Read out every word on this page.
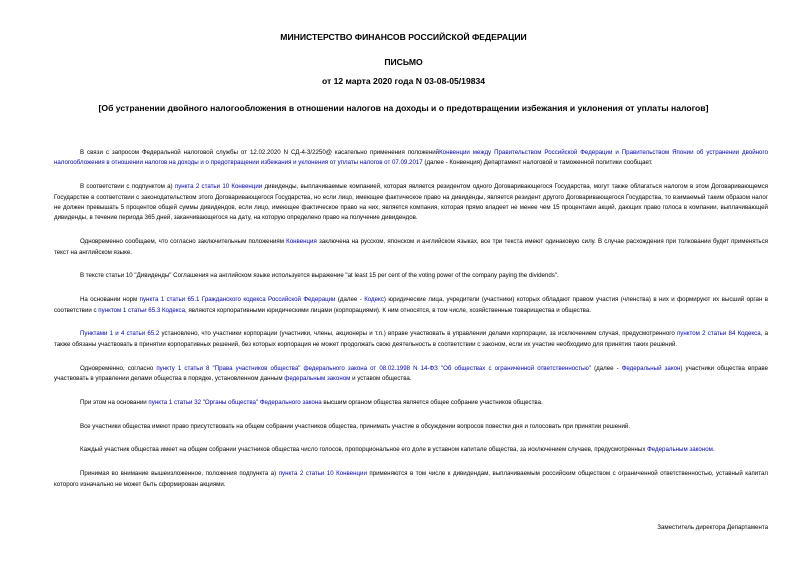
МИНИСТЕРСТВО ФИНАНСОВ РОССИЙСКОЙ ФЕДЕРАЦИИ

ПИСЬМО

от 12 марта 2020 года N 03-08-05/19834

[Об устранении двойного налогообложения в отношении налогов на доходы и о предотвращении избежания и уклонения от уплаты налогов]

В связи с запросом Федеральной налоговой службы от 12.02.2020 N СД-4-3/2250@ касательно применения положенийКонвенции между Правительством Российской Федерации и Правительством Японии об устранении двойного налогообложения в отношении налогов на доходы и о предотвращении избежания и уклонения от уплаты налогов от 07.09.2017 (далее - Конвенция) Департамент налоговой и таможенной политики сообщает.

В соответствии с подпунктом а) пункта 2 статьи 10 Конвенции дивиденды, выплачиваемые компанией, которая является резидентом одного Договаривающегося Государства, могут также облагаться налогом в этом Договаривающемся Государстве в соответствии с законодательством этого Договаривающегося Государства, но если лицо, имеющее фактическое право на дивиденды, является резидент другого Договаривающегося Государства, то взимаемый таким образом налог не должен превышать 5 процентов общей суммы дивидендов, если лицо, имеющее фактическое право на них, является компания, которая прямо владеет не менее чем 15 процентами акций, дающих право голоса в компании, выплачивающей дивиденды, в течение периода 365 дней, заканчивающегося на дату, на которую определено право на получение дивидендов.

Одновременно сообщаем, что согласно заключительным положениям Конвенция заключена на русском, японском и английском языках, все три текста имеют одинаковую силу. В случае расхождения при толковании будет применяться текст на английском языке.

В тексте статьи 10 "Дивиденды" Соглашения на английском языке используется выражение "at least 15 per cent of the voting power of the company paying the dividends".

На основании норм пункта 1 статьи 65.1 Гражданского кодекса Российской Федерации (далее - Кодекс) юридические лица, учредители (участники) которых обладают правом участия (членства) в них и формируют их высший орган в соответствии с пунктом 1 статьи 65.3 Кодекса, являются корпоративными юридическими лицами (корпорациями). К ним относятся, в том числе, хозяйственные товарищества и общества.

Пунктами 1 и 4 статьи 65.2 установлено, что участники корпорации (участники, члены, акционеры и т.п.) вправе участвовать в управлении делами корпорации, за исключением случая, предусмотренного пунктом 2 статьи 84 Кодекса, а также обязаны участвовать в принятии корпоративных решений, без которых корпорация не может продолжать свою деятельность в соответствии с законом, если их участие необходимо для принятия таких решений.

Одновременно, согласно пункту 1 статьи 8 "Права участников общества" федерального закона от 08.02.1998 N 14-ФЗ "Об обществах с ограниченной ответственностью" (далее - Федеральный закон) участники общества вправе участвовать в управлении делами общества в порядке, установленном данным федеральным законом и уставом общества.

При этом на основании пункта 1 статьи 32 "Органы общества" Федерального закона высшим органом общества является общее собрание участников общества.

Все участники общества имеют право присутствовать на общем собрании участников общества, принимать участие в обсуждении вопросов повестки дня и голосовать при принятии решений.

Каждый участник общества имеет на общем собрании участников общества число голосов, пропорциональное его доле в уставном капитале общества, за исключением случаев, предусмотренных Федеральным законом.

Принимая во внимание вышеизложенное, положения подпункта а) пункта 2 статьи 10 Конвенции применяются в том числе к дивидендам, выплачиваемым российским обществом с ограниченной ответственностью, уставный капитал которого изначально не может быть сформирован акциями.

Заместитель директора Департамента
